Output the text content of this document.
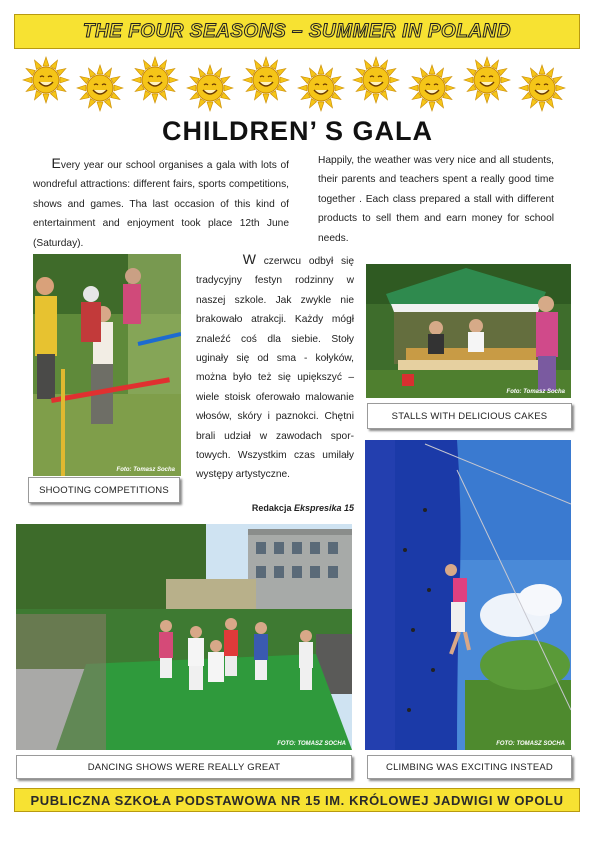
THE FOUR SEASONS – SUMMER IN POLAND
CHILDREN’ S GALA
Every year our school organises a gala with lots of wondreful attractions: different fairs, sports competitions, shows and games. Tha last occasion of this kind of entertainment and enjoyment took place 12th June (Saturday).
Happily, the weather was very nice and all students, their parents and teachers spent a really good time together . Each class prepared a stall with different products to sell them and earn money for school needs.
W czerwcu odbył się tradycyjny festyn rodzinny w naszej szkole. Jak zwykle nie brakowało atrakcji. Każdy mógł znaleźć coś dla siebie. Stoły uginały się od sma - kołyków, można było też się upiększyć – wiele stoisk oferowało malowanie włosów, skóry i paznokci. Chętni brali udział w zawodach spor- towych. Wszystkim czas umilały występy artystyczne.
Redakcja Ekspresika 15
Foto: Tomasz Socha
SHOOTING COMPETITIONS
Foto: Tomasz Socha
STALLS WITH DELICIOUS CAKES
FOTO: TOMASZ SOCHA
DANCING SHOWS WERE REALLY GREAT
FOTO: TOMASZ SOCHA
CLIMBING WAS EXCITING INSTEAD
PUBLICZNA SZKOŁA PODSTAWOWA NR 15 IM. KRÓLOWEJ JADWIGI W OPOLU
